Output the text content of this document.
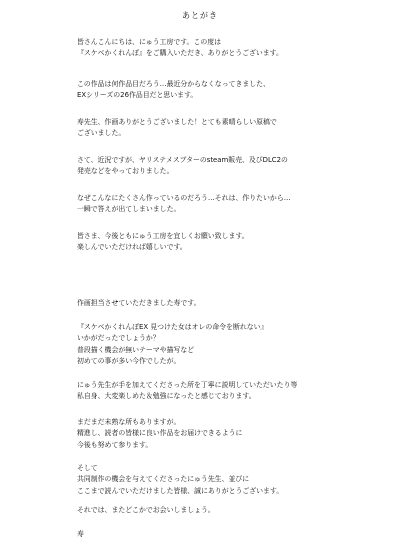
あとがき
皆さんこんにちは、にゅう工房です。この度は
『スケベかくれんぼ』をご購入いただき、ありがとうございます。
この作品は何作品目だろう…最近分からなくなってきました、
EXシリーズの26作品目だと思います。
寿先生、作画ありがとうございました！とても素晴らしい原稿で
ございました。
さて、近況ですが、ヤリステメスブターのsteam販売、及びDLC2の
発売などをやっておりました。
なぜこんなにたくさん作っているのだろう…それは、作りたいから…
一瞬で答えが出てしまいました。
皆さま、今後ともにゅう工房を宜しくお願い致します。
楽しんでいただければ嬉しいです。
作画担当させていただきました寿です。
『スケベかくれんぼEX 見つけた女はオレの命令を断れない』
いかがだったでしょうか？
普段描く機会が無いテーマや描写など
初めての事が多い今作でしたが。
にゅう先生が手を加えてくださった所を丁寧に説明していただいたり等
私自身、大変楽しめた＆勉強になったと感じております。
まだまだ未熟な所もありますが。
精進し、読者の皆様に良い作品をお届けできるように
今後も努めて参ります。
そして
共同制作の機会を与えてくださったにゅう先生、並びに
ここまで読んでいただけました皆様、誠にありがとうございます。
それでは、またどこかでお会いしましょう。
寿
